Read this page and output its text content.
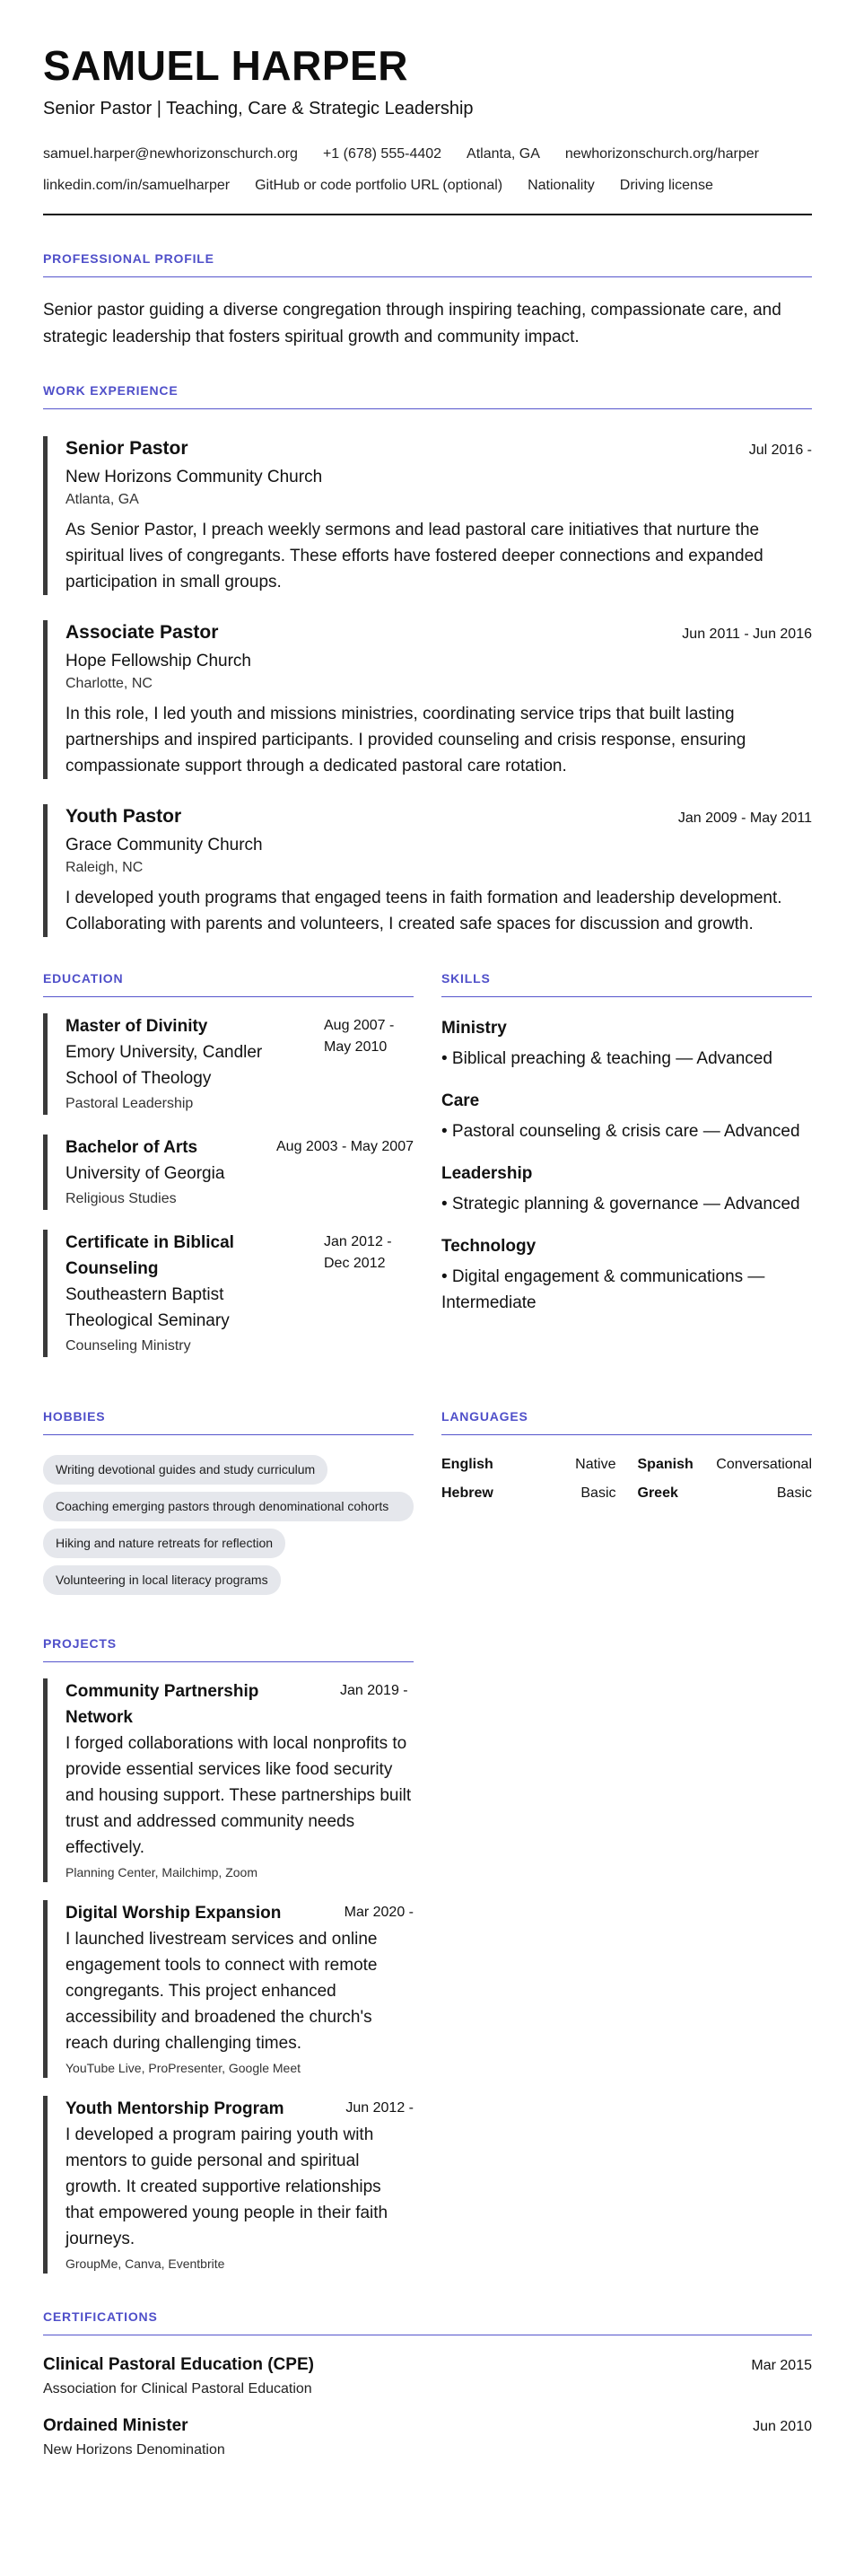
SAMUEL HARPER
Senior Pastor | Teaching, Care & Strategic Leadership
samuel.harper@newhorizonschurch.org +1 (678) 555-4402 Atlanta, GA newhorizonschurch.org/harper
linkedin.com/in/samuelharper GitHub or code portfolio URL (optional) Nationality Driving license
PROFESSIONAL PROFILE
Senior pastor guiding a diverse congregation through inspiring teaching, compassionate care, and strategic leadership that fosters spiritual growth and community impact.
WORK EXPERIENCE
Senior Pastor	Jul 2016 -
New Horizons Community Church
Atlanta, GA
As Senior Pastor, I preach weekly sermons and lead pastoral care initiatives that nurture the spiritual lives of congregants. These efforts have fostered deeper connections and expanded participation in small groups.
Associate Pastor	Jun 2011 - Jun 2016
Hope Fellowship Church
Charlotte, NC
In this role, I led youth and missions ministries, coordinating service trips that built lasting partnerships and inspired participants. I provided counseling and crisis response, ensuring compassionate support through a dedicated pastoral care rotation.
Youth Pastor	Jan 2009 - May 2011
Grace Community Church
Raleigh, NC
I developed youth programs that engaged teens in faith formation and leadership development. Collaborating with parents and volunteers, I created safe spaces for discussion and growth.
EDUCATION
Master of Divinity
Emory University, Candler School of Theology
Aug 2007 - May 2010
Pastoral Leadership
Bachelor of Arts
University of Georgia
Aug 2003 - May 2007
Religious Studies
Certificate in Biblical Counseling
Southeastern Baptist Theological Seminary
Jan 2012 - Dec 2012
Counseling Ministry
SKILLS
Ministry
• Biblical preaching & teaching — Advanced
Care
• Pastoral counseling & crisis care — Advanced
Leadership
• Strategic planning & governance — Advanced
Technology
• Digital engagement & communications — Intermediate
HOBBIES
Writing devotional guides and study curriculum
Coaching emerging pastors through denominational cohorts
Hiking and nature retreats for reflection
Volunteering in local literacy programs
LANGUAGES
English	Native Spanish Conversational
Hebrew	Basic Greek	Basic
PROJECTS
Community Partnership Network
Jan 2019 -
I forged collaborations with local nonprofits to provide essential services like food security and housing support. These partnerships built trust and addressed community needs effectively.
Planning Center, Mailchimp, Zoom
Digital Worship Expansion	Mar 2020 -
I launched livestream services and online engagement tools to connect with remote congregants. This project enhanced accessibility and broadened the church's reach during challenging times.
YouTube Live, ProPresenter, Google Meet
Youth Mentorship Program	Jun 2012 -
I developed a program pairing youth with mentors to guide personal and spiritual growth. It created supportive relationships that empowered young people in their faith journeys.
GroupMe, Canva, Eventbrite
CERTIFICATIONS
Clinical Pastoral Education (CPE)	Mar 2015
Association for Clinical Pastoral Education
Ordained Minister	Jun 2010
New Horizons Denomination
